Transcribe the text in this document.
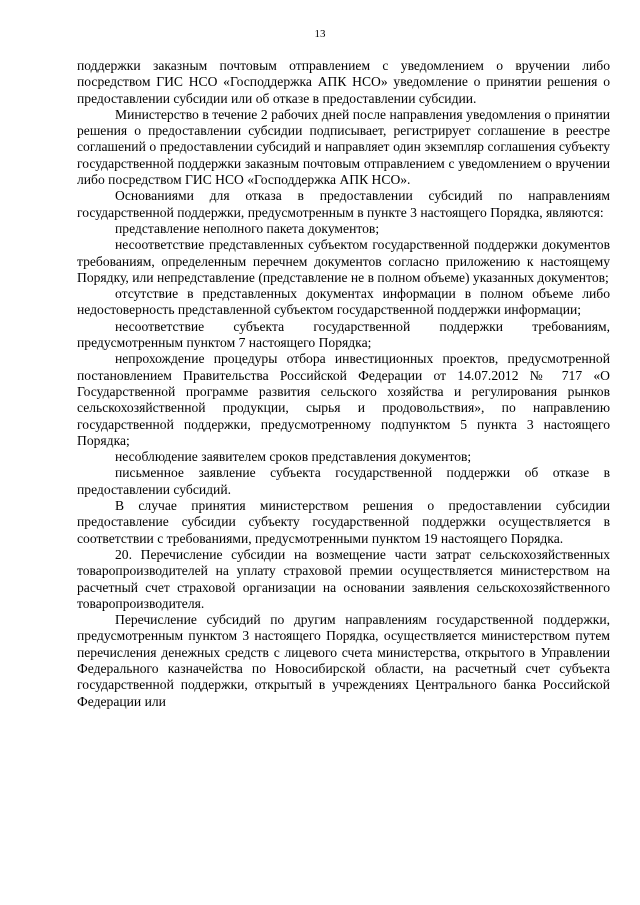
13

поддержки заказным почтовым отправлением с уведомлением о вручении либо посредством ГИС НСО «Господдержка АПК НСО» уведомление о принятии решения о предоставлении субсидии или об отказе в предоставлении субсидии.

Министерство в течение 2 рабочих дней после направления уведомления о принятии решения о предоставлении субсидии подписывает, регистрирует соглашение в реестре соглашений о предоставлении субсидий и направляет один экземпляр соглашения субъекту государственной поддержки заказным почтовым отправлением с уведомлением о вручении либо посредством ГИС НСО «Господдержка АПК НСО».

Основаниями для отказа в предоставлении субсидий по направлениям государственной поддержки, предусмотренным в пункте 3 настоящего Порядка, являются:

представление неполного пакета документов;

несоответствие представленных субъектом государственной поддержки документов требованиям, определенным перечнем документов согласно приложению к настоящему Порядку, или непредставление (представление не в полном объеме) указанных документов;

отсутствие в представленных документах информации в полном объеме либо недостоверность представленной субъектом государственной поддержки информации;

несоответствие субъекта государственной поддержки требованиям, предусмотренным пунктом 7 настоящего Порядка;

непрохождение процедуры отбора инвестиционных проектов, предусмотренной постановлением Правительства Российской Федерации от 14.07.2012 № 717 «О Государственной программе развития сельского хозяйства и регулирования рынков сельскохозяйственной продукции, сырья и продовольствия», по направлению государственной поддержки, предусмотренному подпунктом 5 пункта 3 настоящего Порядка;

несоблюдение заявителем сроков представления документов;

письменное заявление субъекта государственной поддержки об отказе в предоставлении субсидий.

В случае принятия министерством решения о предоставлении субсидии предоставление субсидии субъекту государственной поддержки осуществляется в соответствии с требованиями, предусмотренными пунктом 19 настоящего Порядка.

20. Перечисление субсидии на возмещение части затрат сельскохозяйственных товаропроизводителей на уплату страховой премии осуществляется министерством на расчетный счет страховой организации на основании заявления сельскохозяйственного товаропроизводителя.

Перечисление субсидий по другим направлениям государственной поддержки, предусмотренным пунктом 3 настоящего Порядка, осуществляется министерством путем перечисления денежных средств с лицевого счета министерства, открытого в Управлении Федерального казначейства по Новосибирской области, на расчетный счет субъекта государственной поддержки, открытый в учреждениях Центрального банка Российской Федерации или
